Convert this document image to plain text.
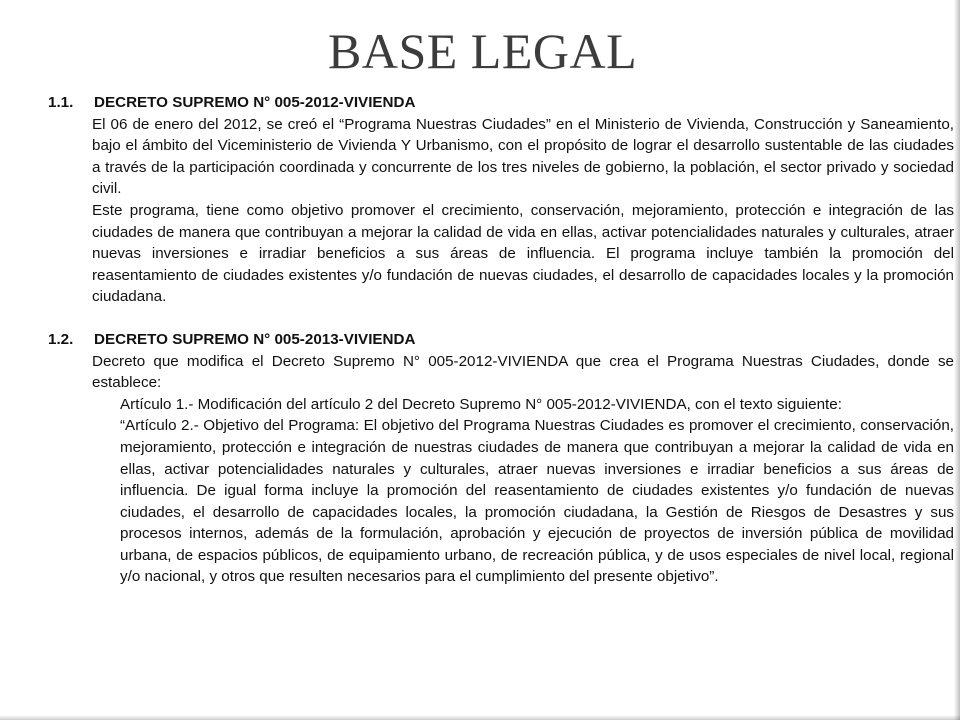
BASE LEGAL

1.1. DECRETO SUPREMO N° 005-2012-VIVIENDA

El 06 de enero del 2012, se creó el “Programa Nuestras Ciudades” en el Ministerio de Vivienda, Construcción y Saneamiento, bajo el ámbito del Viceministerio de Vivienda Y Urbanismo, con el propósito de lograr el desarrollo sustentable de las ciudades a través de la participación coordinada y concurrente de los tres niveles de gobierno, la población, el sector privado y sociedad civil.

Este programa, tiene como objetivo promover el crecimiento, conservación, mejoramiento, protección e integración de las ciudades de manera que contribuyan a mejorar la calidad de vida en ellas, activar potencialidades naturales y culturales, atraer nuevas inversiones e irradiar beneficios a sus áreas de influencia. El programa incluye también la promoción del reasentamiento de ciudades existentes y/o fundación de nuevas ciudades, el desarrollo de capacidades locales y la promoción ciudadana.

1.2. DECRETO SUPREMO N° 005-2013-VIVIENDA

Decreto que modifica el Decreto Supremo N° 005-2012-VIVIENDA que crea el Programa Nuestras Ciudades, donde se establece:

Artículo 1.- Modificación del artículo 2 del Decreto Supremo N° 005-2012-VIVIENDA, con el texto siguiente:

“Artículo 2.- Objetivo del Programa: El objetivo del Programa Nuestras Ciudades es promover el crecimiento, conservación, mejoramiento, protección e integración de nuestras ciudades de manera que contribuyan a mejorar la calidad de vida en ellas, activar potencialidades naturales y culturales, atraer nuevas inversiones e irradiar beneficios a sus áreas de influencia. De igual forma incluye la promoción del reasentamiento de ciudades existentes y/o fundación de nuevas ciudades, el desarrollo de capacidades locales, la promoción ciudadana, la Gestión de Riesgos de Desastres y sus procesos internos, además de la formulación, aprobación y ejecución de proyectos de inversión pública de movilidad urbana, de espacios públicos, de equipamiento urbano, de recreación pública, y de usos especiales de nivel local, regional y/o nacional, y otros que resulten necesarios para el cumplimiento del presente objetivo”.
